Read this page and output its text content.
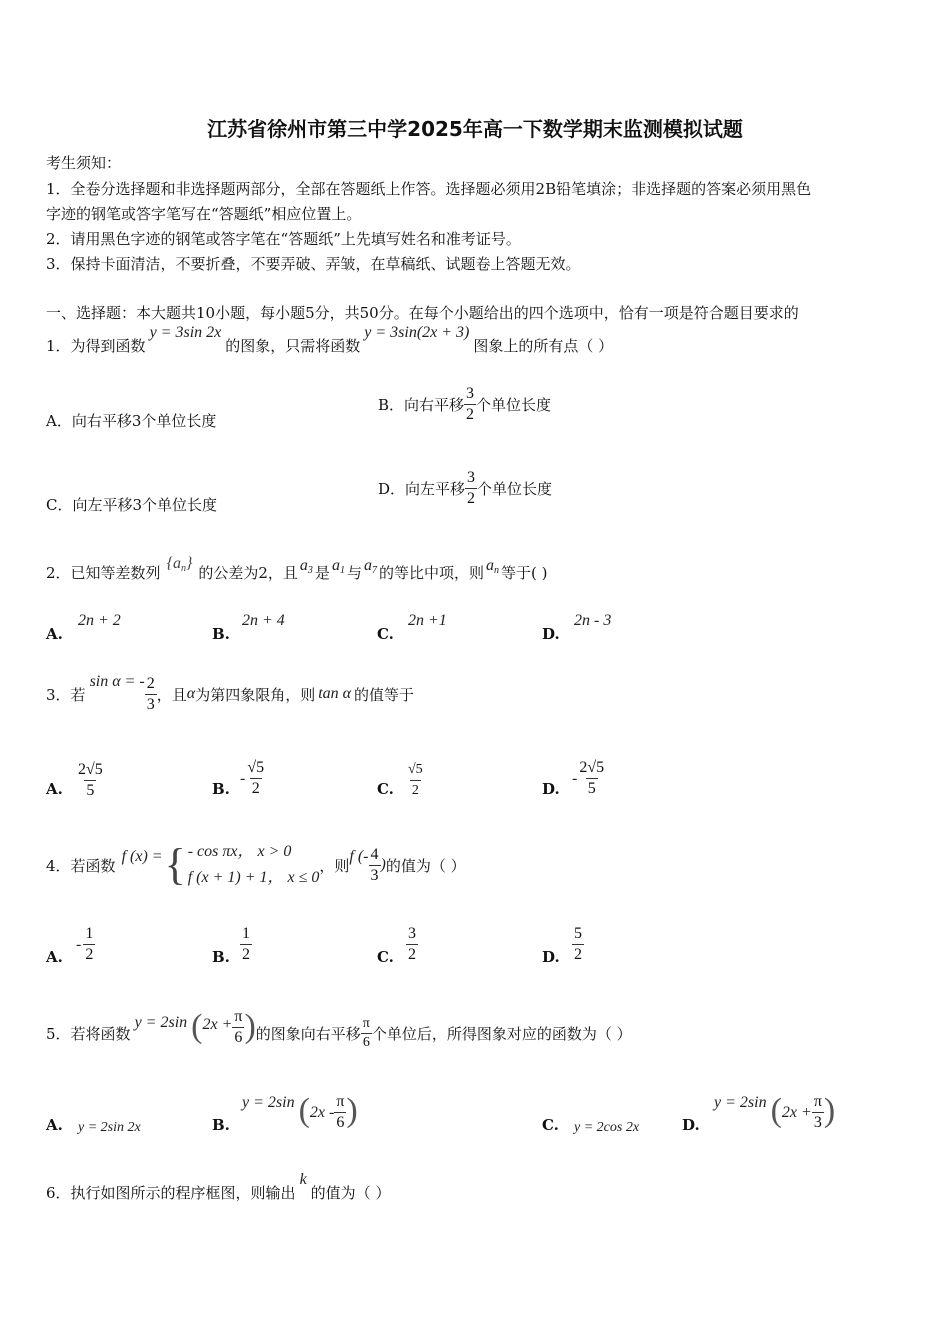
江苏省徐州市第三中学2025年高一下数学期末监测模拟试题
考生须知：
1．全卷分选择题和非选择题两部分，全部在答题纸上作答。选择题必须用2B铅笔填涂；非选择题的答案必须用黑色
字迹的钢笔或答字笔写在“答题纸”相应位置上。
2．请用黑色字迹的钢笔或答字笔在“答题纸”上先填写姓名和准考证号。
3．保持卡面清洁，不要折叠，不要弄破、弄皱，在草稿纸、试题卷上答题无效。
一、选择题：本大题共10小题，每小题5分，共50分。在每个小题给出的四个选项中，恰有一项是符合题目要求的
1． 为得到函数
y = 3sin 2x
的图象，只需将函数
y = 3sin(2x + 3)
图象上的所有点（ ）
A．向右平移3个单位长度
B．向右平移 $\frac{3}{2}$ 个单位长度
C．向左平移3个单位长度
D．向左平移 $\frac{3}{2}$ 个单位长度
2． 已知等差数列
$\{a_n\}$
的公差为2，且 $a_3$ 是 $a_1$ 与 $a_7$ 的等比中项，则 $a_n$ 等于( )
A.
2n + 2
B.
2n + 4
C.
2n +1
D.
2n - 3
3． 若
sin α = - $\frac{2}{3}$ ，且 α 为第四象限角，则 tan α 的值等于
A. $\frac{2√5}{5}$	B.
- $\frac{√5}{2}$	C. $\frac{√5}{2}$	D.
- $\frac{2√5}{5}$
4． 若函数 f (x) = { - cos πx， x > 0
f (x + 1) + 1， x ≤ 0
，则 f (- $\frac{4}{3}$ ) 的值为（ ）
A.
- $\frac{1}{2}$	B. $\frac{1}{2}$	C. $\frac{3}{2}$	D. $\frac{5}{2}$
5． 若将函数
y = 2sin ( $2x + \frac{\pi}{6}$ ) 的图象向右平移 $\frac{\pi}{6}$ 个单位后，所得图象对应的函数为（ ）
A. y = 2sin 2x	B.
y = 2sin ( $2x - \frac{\pi}{6}$ )	C. y = 2cos 2x	D.
y = 2sin ( $2x + \frac{\pi}{3}$ )
6． 执行如图所示的程序框图，则输出
k
的值为（ ）
